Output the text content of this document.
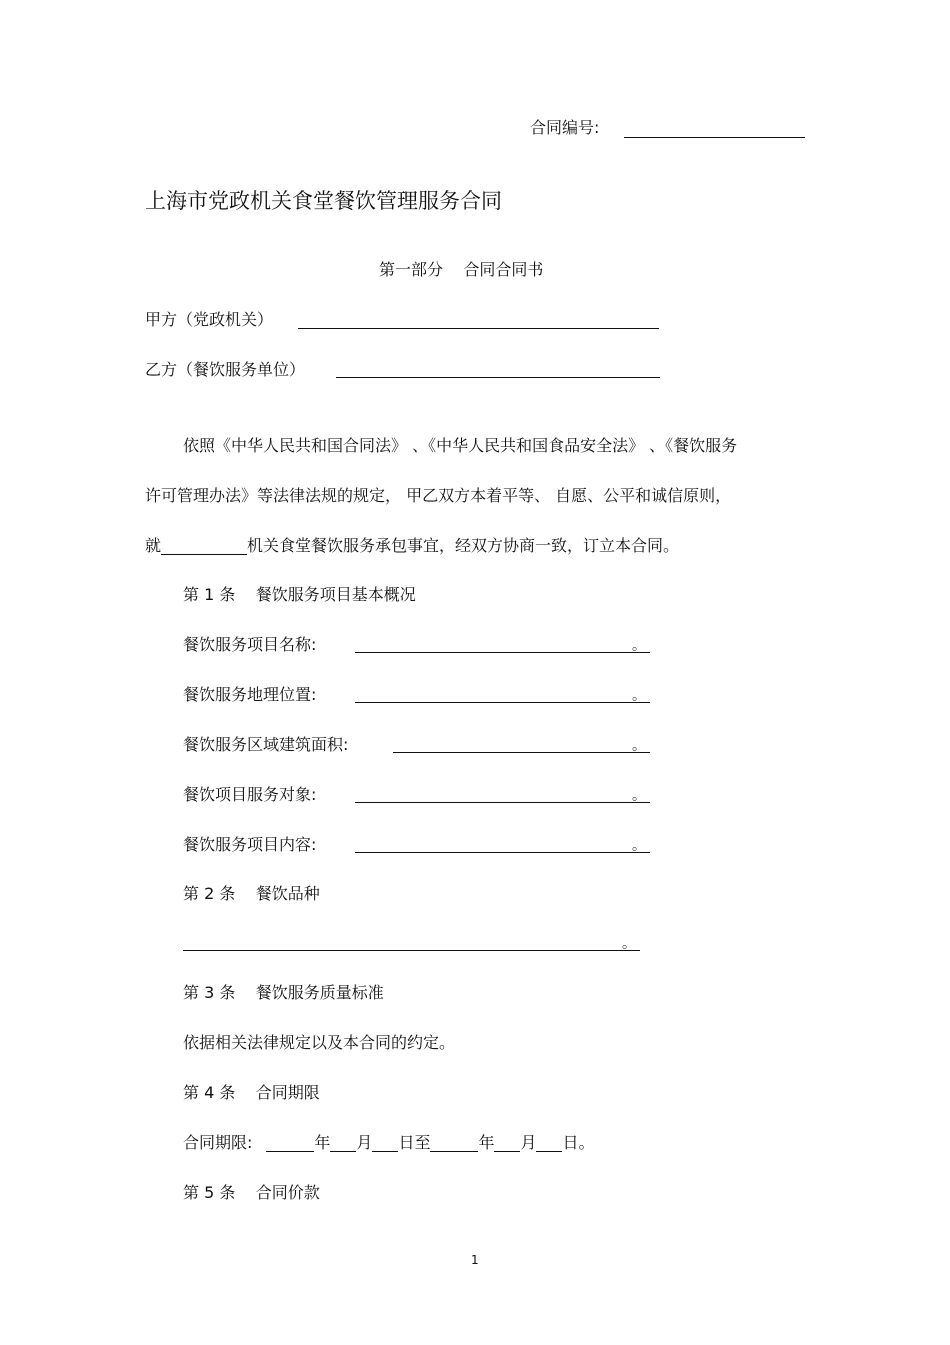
合同编号:
上海市党政机关食堂餐饮管理服务合同
第一部分    合同合同书
甲方（党政机关）
乙方（餐饮服务单位）
依照《中华人民共和国合同法》 、《中华人民共和国食品安全法》 、《餐饮服务
许可管理办法》等法律法规的规定， 甲乙双方本着平等、 自愿、公平和诚信原则，
就	机关食堂餐饮服务承包事宜，经双方协商一致，订立本合同。
第 1 条    餐饮服务项目基本概况
餐饮服务项目名称:	。
餐饮服务地理位置:	。
餐饮服务区域建筑面积:	。
餐饮项目服务对象:	。
餐饮服务项目内容:	。
第 2 条    餐饮品种
。
第 3 条    餐饮服务质量标准
依据相关法律规定以及本合同的约定。
第 4 条    合同期限
合同期限:	年 月 日至	年 月 日。
第 5 条    合同价款
1
